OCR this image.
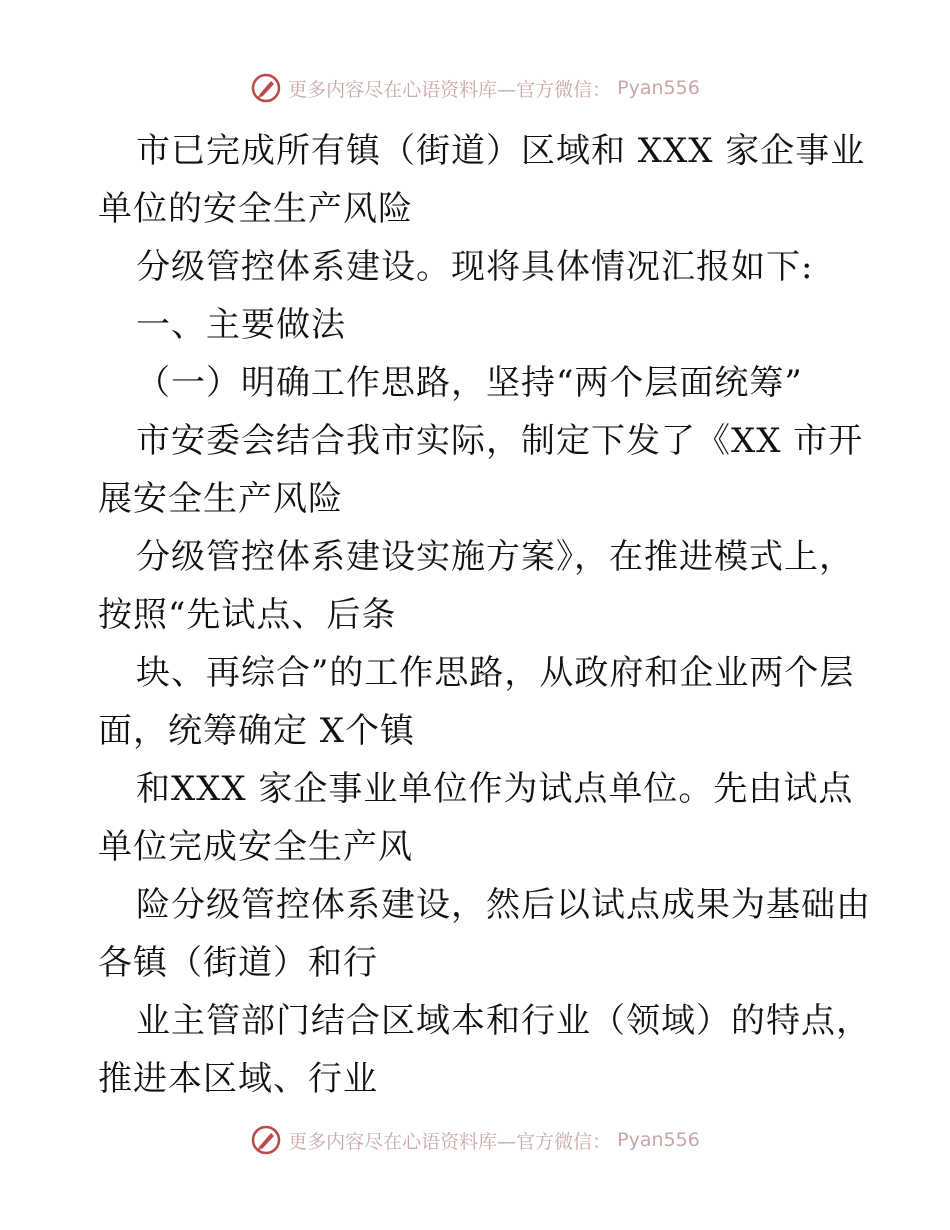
更多内容尽在心语资料库—官方微信： Pyan556
市已完成所有镇（街道）区域和 XXX 家企事业
单位的安全生产风险
分级管控体系建设。现将具体情况汇报如下:
一、主要做法
（一）明确工作思路，坚持“两个层面统筹”
市安委会结合我市实际，制定下发了《XX 市开
展安全生产风险
分级管控体系建设实施方案》，在推进模式上，
按照“先试点、后条
块、再综合”的工作思路，从政府和企业两个层
面，统筹确定 X个镇
和XXX 家企事业单位作为试点单位。先由试点
单位完成安全生产风
险分级管控体系建设，然后以试点成果为基础由
各镇（街道）和行
业主管部门结合区域本和行业（领域）的特点，
推进本区域、行业
更多内容尽在心语资料库—官方微信： Pyan556
